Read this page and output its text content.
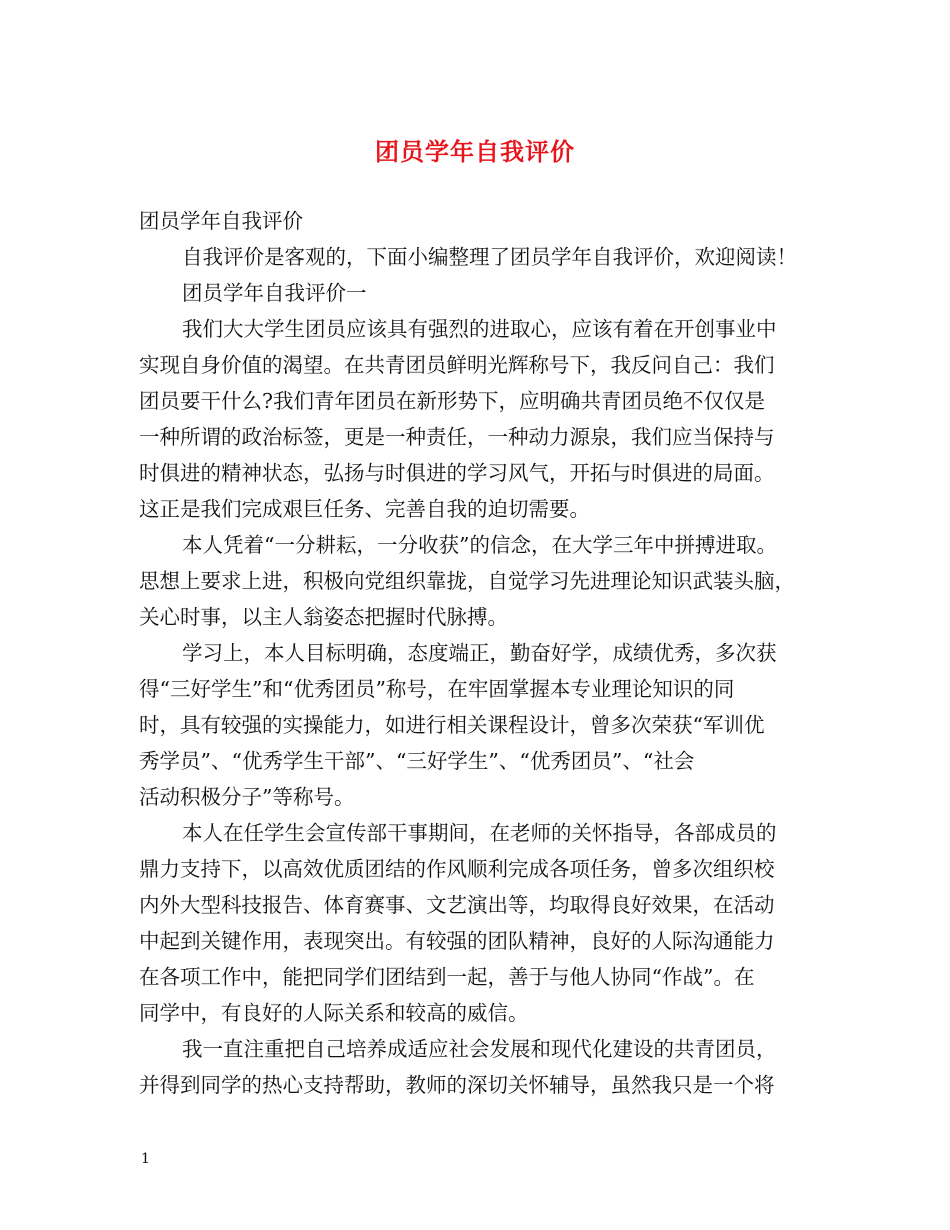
团员学年自我评价
团员学年自我评价
自我评价是客观的，下面小编整理了团员学年自我评价，欢迎阅读！
团员学年自我评价一
我们大大学生团员应该具有强烈的进取心，应该有着在开创事业中
实现自身价值的渴望。在共青团员鲜明光辉称号下，我反问自己：我们
团员要干什么?我们青年团员在新形势下，应明确共青团员绝不仅仅是
一种所谓的政治标签，更是一种责任，一种动力源泉，我们应当保持与
时俱进的精神状态，弘扬与时俱进的学习风气，开拓与时俱进的局面。
这正是我们完成艰巨任务、完善自我的迫切需要。
本人凭着“一分耕耘，一分收获”的信念，在大学三年中拼搏进取。
思想上要求上进，积极向党组织靠拢，自觉学习先进理论知识武装头脑，
关心时事，以主人翁姿态把握时代脉搏。
学习上，本人目标明确，态度端正，勤奋好学，成绩优秀，多次获
得“三好学生”和“优秀团员”称号，在牢固掌握本专业理论知识的同
时，具有较强的实操能力，如进行相关课程设计，曾多次荣获“军训优
秀学员”、“优秀学生干部”、“三好学生”、“优秀团员”、“社会
活动积极分子”等称号。
本人在任学生会宣传部干事期间，在老师的关怀指导，各部成员的
鼎力支持下，以高效优质团结的作风顺利完成各项任务，曾多次组织校
内外大型科技报告、体育赛事、文艺演出等，均取得良好效果，在活动
中起到关键作用，表现突出。有较强的团队精神，良好的人际沟通能力
在各项工作中，能把同学们团结到一起，善于与他人协同“作战”。在
同学中，有良好的人际关系和较高的威信。
我一直注重把自己培养成适应社会发展和现代化建设的共青团员，
并得到同学的热心支持帮助，教师的深切关怀辅导，虽然我只是一个将
1
